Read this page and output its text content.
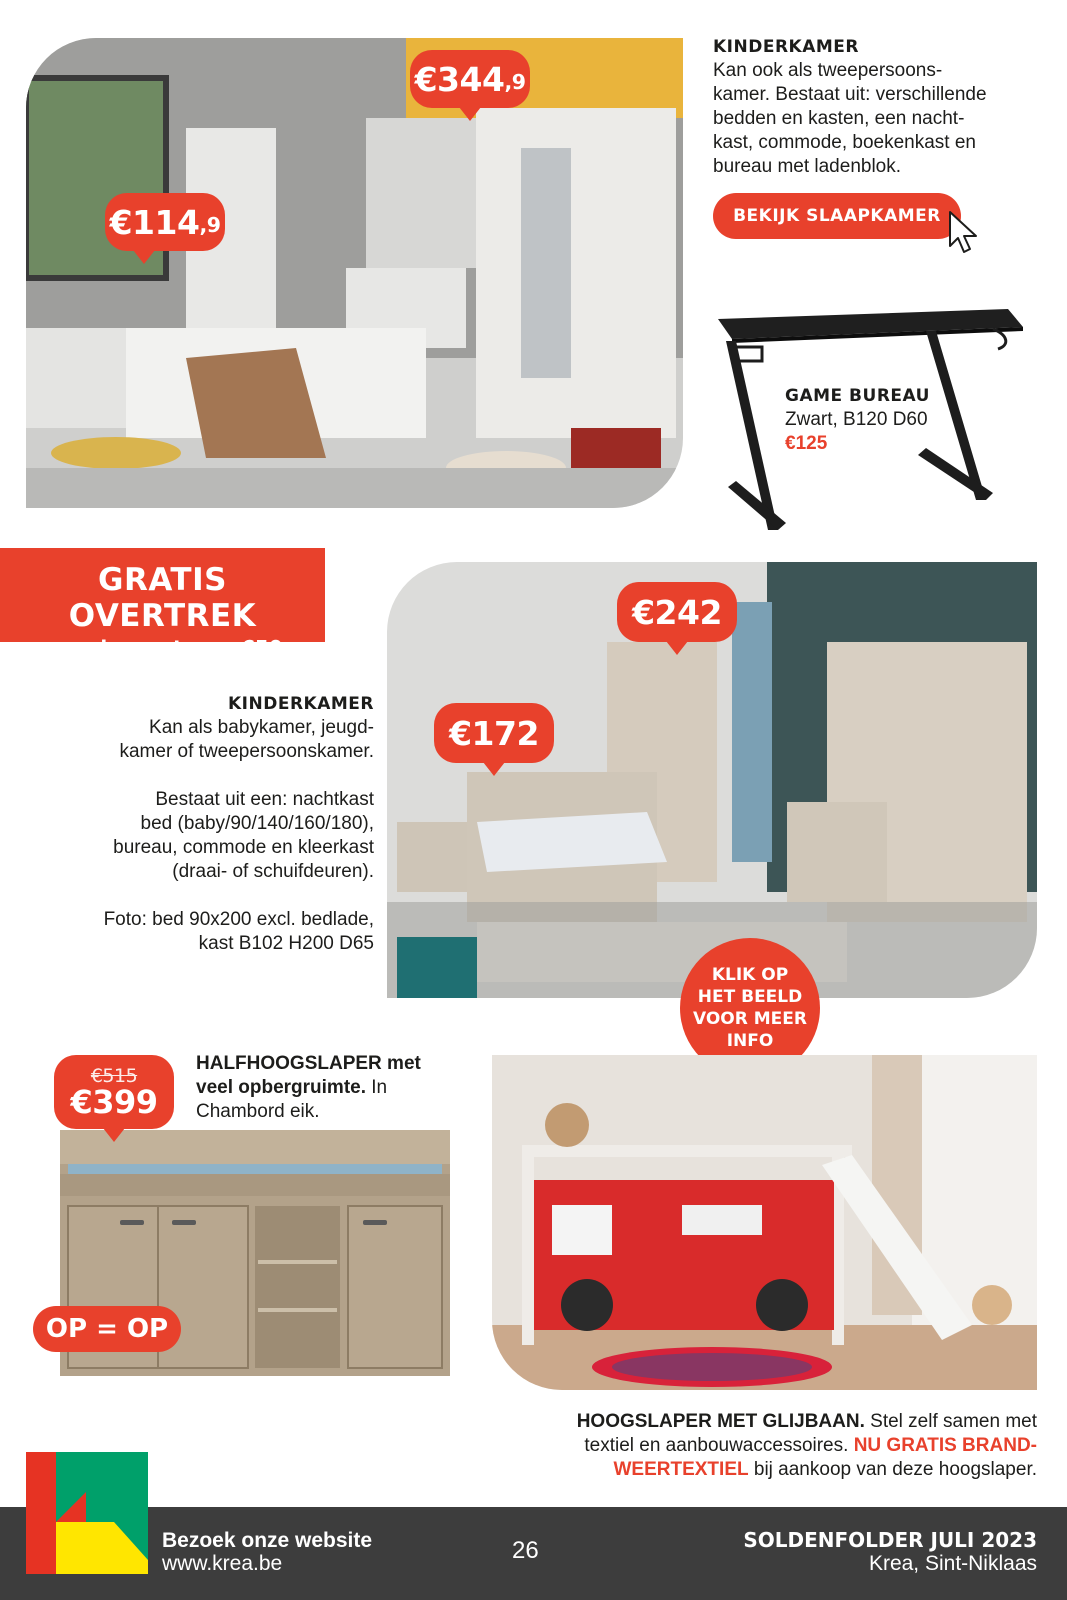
€344 ,9
€114 ,9
KINDERKAMER
Kan ook als tweepersoons-
kamer. Bestaat uit: verschillende
bedden en kasten, een nacht-
kast, commode, boekenkast en
bureau met ladenblok.
BEKIJK SLAAPKAMER
GAME BUREAU
Zwart, B120 D60
€125
GRATIS OVERTREK
naar keuze t.w.v. €50
€242
€172
KINDERKAMER
Kan als babykamer, jeugd-
kamer of tweepersoonskamer.
Bestaat uit een: nachtkast
bed (baby/90/140/160/180),
bureau, commode en kleerkast
(draai- of schuifdeuren).
Foto: bed 90x200 excl. bedlade,
kast B102 H200 D65
KLIK OP
HET BEELD
VOOR MEER
INFO
€515
€399
HALFHOOGSLAPER met
veel opbergruimte. In
Chambord eik.
OP = OP
HOOGSLAPER MET GLIJBAAN. Stel zelf samen met
textiel en aanbouwaccessoires. NU GRATIS BRAND-
WEERTEXTIEL bij aankoop van deze hoogslaper.
Bezoek onze website
www.krea.be	26	SOLDENFOLDER JULI 2023
Krea, Sint-Niklaas
